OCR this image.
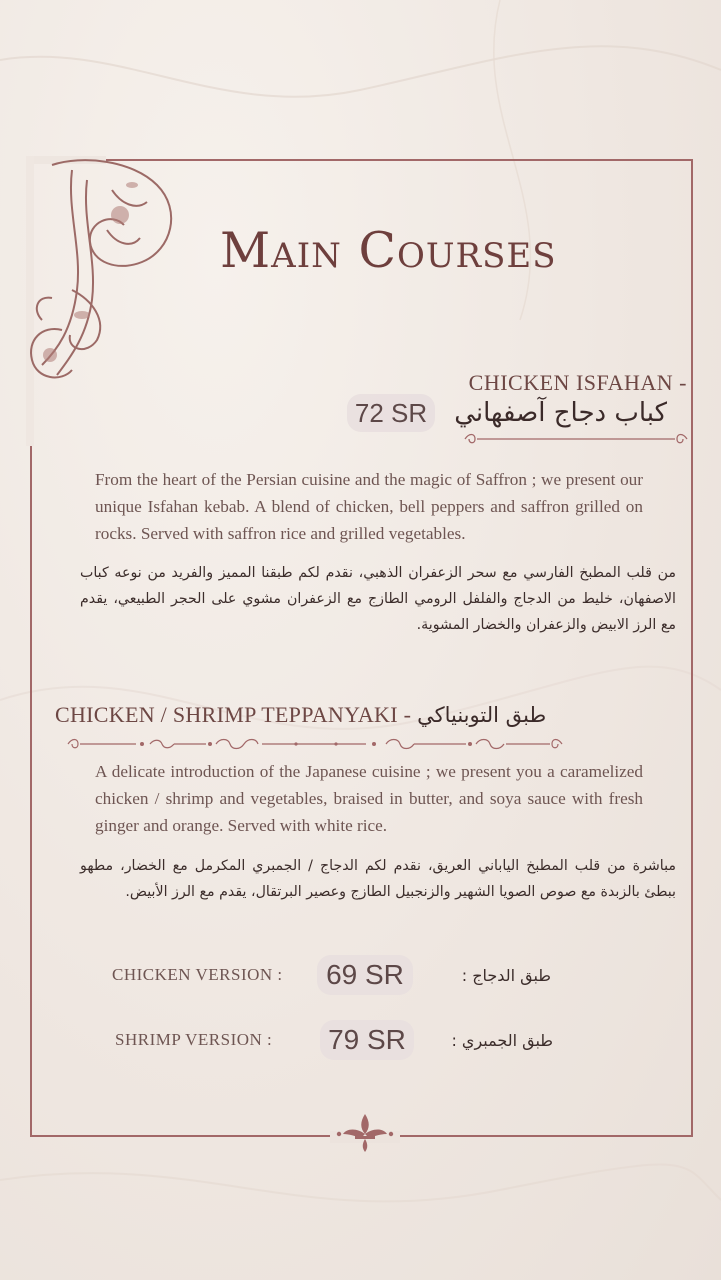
Main Courses
CHICKEN ISFAHAN -
72 SR	كباب دجاج آصفهاني

From the heart of the Persian cuisine and the magic of Saffron ; we present our unique Isfahan kebab. A blend of chicken, bell peppers and saffron grilled on rocks. Served with saffron rice and grilled vegetables.

من قلب المطبخ الفارسي مع سحر الزعفران الذهبي، نقدم لكم طبقنا المميز والفريد من نوعه كباب الاصفهان، خليط من الدجاج والفلفل الرومي الطازج مع الزعفران مشوي على الحجر الطبيعي، يقدم مع الرز الابيض والزعفران والخضار المشوية.

CHICKEN / SHRIMP TEPPANYAKI - طبق التوبنياكي

A delicate introduction of the Japanese cuisine ; we present you a caramelized chicken / shrimp and vegetables, braised in butter, and soya sauce with fresh ginger and orange. Served with white rice.

مباشرة من قلب المطبخ الياباني العريق، نقدم لكم الدجاج / الجمبري المكرمل مع الخضار، مطهو ببطئ بالزبدة مع صوص الصويا الشهير والزنجبيل الطازج وعصير البرتقال، يقدم مع الرز الأبيض.

CHICKEN VERSION :	69 SR	طبق الدجاج :
SHRIMP VERSION : 79 SR	طبق الجمبري :
